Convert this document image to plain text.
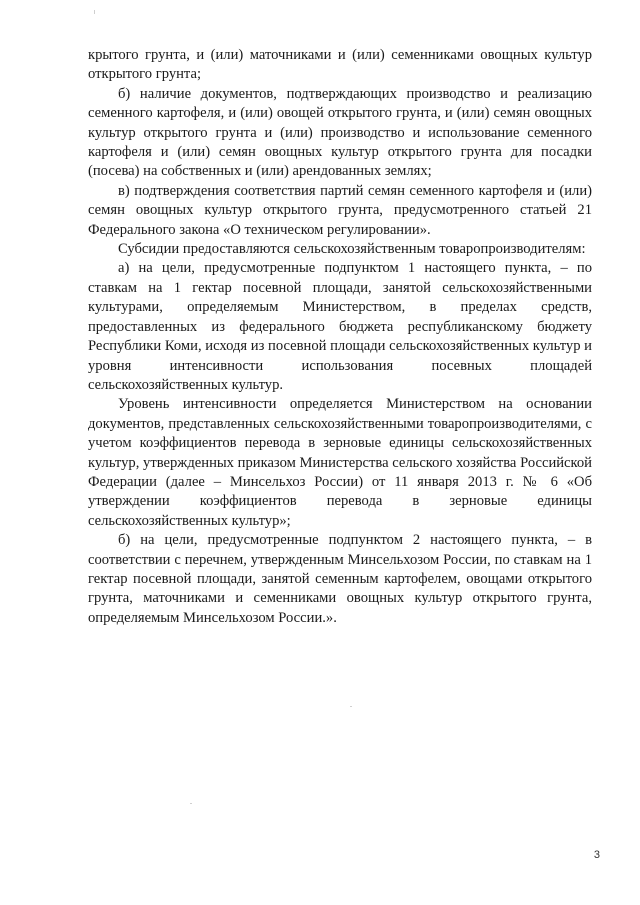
крытого грунта, и (или) маточниками и (или) семенниками овощных культур открытого грунта;

б) наличие документов, подтверждающих производство и реализацию семенного картофеля, и (или) овощей открытого грунта, и (или) семян овощных культур открытого грунта и (или) производство и использование семенного картофеля и (или) семян овощных культур открытого грунта для посадки (посева) на собственных и (или) арендованных землях;

в) подтверждения соответствия партий семян семенного картофеля и (или) семян овощных культур открытого грунта, предусмотренного статьей 21 Федерального закона «О техническом регулировании».

Субсидии предоставляются сельскохозяйственным товаропроизводителям:

а) на цели, предусмотренные подпунктом 1 настоящего пункта, – по ставкам на 1 гектар посевной площади, занятой сельскохозяйственными культурами, определяемым Министерством, в пределах средств, предоставленных из федерального бюджета республиканскому бюджету Республики Коми, исходя из посевной площади сельскохозяйственных культур и уровня интенсивности использования посевных площадей сельскохозяйственных культур.

Уровень интенсивности определяется Министерством на основании документов, представленных сельскохозяйственными товаропроизводителями, с учетом коэффициентов перевода в зерновые единицы сельскохозяйственных культур, утвержденных приказом Министерства сельского хозяйства Российской Федерации (далее – Минсельхоз России) от 11 января 2013 г. № 6 «Об утверждении коэффициентов перевода в зерновые единицы сельскохозяйственных культур»;

б) на цели, предусмотренные подпунктом 2 настоящего пункта, – в соответствии с перечнем, утвержденным Минсельхозом России, по ставкам на 1 гектар посевной площади, занятой семенным картофелем, овощами открытого грунта, маточниками и семенниками овощных культур открытого грунта, определяемым Минсельхозом России.».

3
